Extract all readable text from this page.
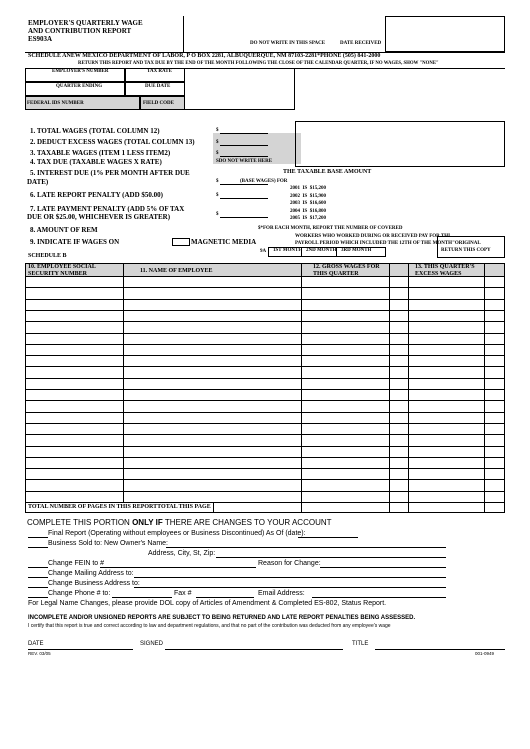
EMPLOYER'S QUARTERLY WAGE
AND CONTRIBUTION REPORT
ES903A
DO NOT WRITE IN THIS SPACE	DATE RECEIVED
SCHEDULE ANEW MEXICO DEPARTMENT OF LABOR, P O BOX 2281, ALBUQUERQUE, NM 87103-2281*PHONE (505) 841-2000
RETURN THIS REPORT AND TAX DUE BY THE END OF THE MONTH FOLLOWING THE CLOSE OF THE CALENDAR QUARTER, IF NO WAGES, SHOW "NONE"
EMPLOYER'S NUMBER	TAX RATE
QUARTER ENDING	DUE DATE
FEDERAL IDS NUMBER	FIELD CODE
1. TOTAL WAGES (TOTAL COLUMN 12)
2. DEDUCT EXCESS WAGES (TOTAL COLUMN 13)
3. TAXABLE WAGES (ITEM 1 LESS ITEM2)
4. TAX DUE (TAXABLE WAGES X RATE)
5. INTEREST DUE (1% PER MONTH AFTER DUE
DATE)
6. LATE REPORT PENALTY (ADD $50.00)
7. LATE PAYMENT PENALTY (ADD 5% OF TAX
DUE OR $25.00, WHICHEVER IS GREATER)
8. AMOUNT OF REM
9. INDICATE IF WAGES ON	MAGNETIC MEDIA
SCHEDULE B
$
$
$
SDO NOT WRITE HERE
$	(BASE WAGES) FOR
$
$
THE TAXABLE BASE AMOUNT
2001 IS $15,200
2002 IS $15,900
2003 IS $16,600
2004 IS $16,800
2005 IS $17,200
$*FOR EACH MONTH, REPORT THE NUMBER OF COVERED
WORKERS WHO WORKED DURING OR RECEIVED PAY FOR THI
PAYROLL PERIOD WHICH INCLUDED THE 12TH OF THE MONTH"ORIGINAL
RETURN THIS COPY
9A 1ST MONTH 2ND MONTH 3RD MONTH
10. EMPLOYEE SOCIAL
SECURITY NUMBER	11. NAME OF EMPLOYEE
12. GROSS WAGES FOR
THIS QUARTER
13. THIS QUARTER'S
EXCESS WAGES
TOTAL NUMBER OF PAGES IN THIS REPORTTOTAL THIS PAGE
COMPLETE THIS PORTION ONLY IF THERE ARE CHANGES TO YOUR ACCOUNT
Final Report (Operating without employees or Business Discontinued) As Of (date):
Business Sold to: New Owner's Name:
Address, City, St, Zip:
Change FEIN to #	Reason for Change:
Change Mailing Address to:
Change Business Address to:
Change Phone # to:	Fax #	Email Address:
For Legal Name Changes, please provide DOL copy of Articles of Amendment & Completed ES-802, Status Report.
INCOMPLETE AND/OR UNSIGNED REPORTS ARE SUBJECT TO BEING RETURNED AND LATE REPORT PENALTIES BEING ASSESSED.
I certify that this report is true and correct according to law and department regulations, and that no part of the contribution was deducted from any employee's wage
DATE	SIGNED	TITLE
REV. 03/05	001-0949
